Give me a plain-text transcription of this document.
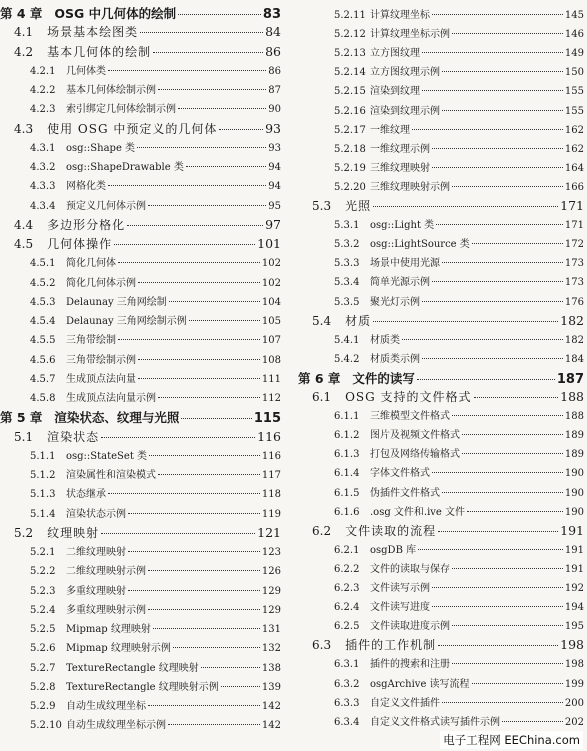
第 4 章 OSG 中几何体的绘制	83
4.1 场景基本绘图类	84
4.2 基本几何体的绘制	86
4.2.1	几何体类	86
4.2.2	基本几何体绘制示例	87
4.2.3	索引绑定几何体绘制示例	90
4.3 使用 OSG 中预定义的几何体	93
4.3.1	osg::Shape 类	93
4.3.2	osg::ShapeDrawable 类	94
4.3.3	网格化类	94
4.3.4	预定义几何体示例	95
4.4 多边形分格化	97
4.5 几何体操作	101
4.5.1	简化几何体	102
4.5.2	简化几何体示例	102
4.5.3	Delaunay 三角网绘制	104
4.5.4	Delaunay 三角网绘制示例	105
4.5.5	三角带绘制	107
4.5.6	三角带绘制示例	108
4.5.7	生成顶点法向量	111
4.5.8	生成顶点法向量示例	112
第 5 章 渲染状态、纹理与光照	115
5.1 渲染状态	116
5.1.1	osg::StateSet 类	116
5.1.2	渲染属性和渲染模式	117
5.1.3	状态继承	118
5.1.4	渲染状态示例	119
5.2 纹理映射	121
5.2.1	二维纹理映射	123
5.2.2	二维纹理映射示例	126
5.2.3	多重纹理映射	129
5.2.4	多重纹理映射示例	129
5.2.5	Mipmap 纹理映射	131
5.2.6	Mipmap 纹理映射示例	132
5.2.7	TextureRectangle 纹理映射	138
5.2.8	TextureRectangle 纹理映射示例	139
5.2.9	自动生成纹理坐标	142
5.2.10 自动生成纹理坐标示例	142
5.2.11 计算纹理坐标	145
5.2.12 计算纹理坐标示例	146
5.2.13 立方图纹理	149
5.2.14 立方图纹理示例	150
5.2.15 渲染到纹理	155
5.2.16 渲染到纹理示例	155
5.2.17 一维纹理	162
5.2.18 一维纹理示例	162
5.2.19 三维纹理映射	164
5.2.20 三维纹理映射示例	166
5.3 光照	171
5.3.1	osg::Light 类	171
5.3.2	osg::LightSource 类	172
5.3.3	场景中使用光源	173
5.3.4	简单光源示例	173
5.3.5	聚光灯示例	176
5.4 材质	182
5.4.1	材质类	182
5.4.2	材质类示例	184
第 6 章 文件的读写	187
6.1 OSG 支持的文件格式	188
6.1.1	三维模型文件格式	188
6.1.2	图片及视频文件格式	189
6.1.3	打包及网络传输格式	189
6.1.4	字体文件格式	190
6.1.5	伪插件文件格式	190
6.1.6	.osg 文件和.ive 文件	190
6.2 文件读取的流程	191
6.2.1	osgDB 库	191
6.2.2	文件的读取与保存	191
6.2.3	文件读写示例	192
6.2.4	文件读写进度	194
6.2.5	文件读取进度示例	195
6.3 插件的工作机制	198
6.3.1	插件的搜索和注册	198
6.3.2	osgArchive 读写流程	199
6.3.3	自定义文件插件	200
6.3.4	自定义文件格式读写插件示例	202
电子工程网 EEChina.com
